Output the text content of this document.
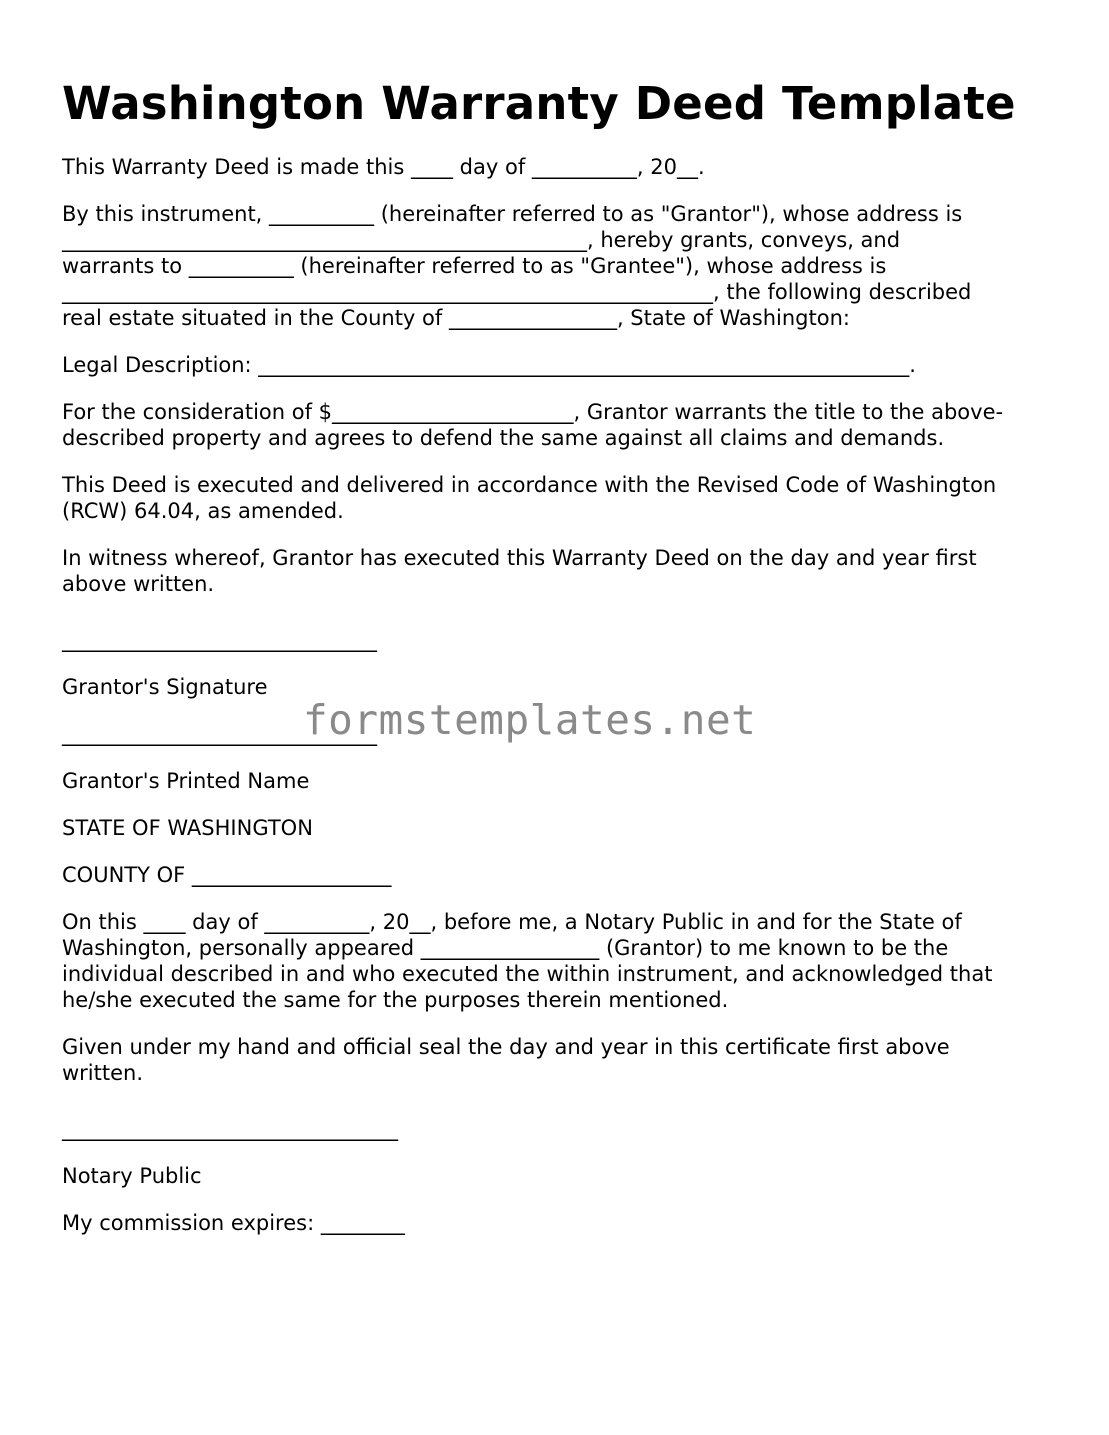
Washington Warranty Deed Template

This Warranty Deed is made this ____ day of __________, 20__.

By this instrument, __________ (hereinafter referred to as "Grantor"), whose address is
__________________________________________________, hereby grants, conveys, and
warrants to __________ (hereinafter referred to as "Grantee"), whose address is
______________________________________________________________, the following described
real estate situated in the County of ________________, State of Washington:

Legal Description: ______________________________________________________________.

For the consideration of $_______________________, Grantor warrants the title to the above-
described property and agrees to defend the same against all claims and demands.
This Deed is executed and delivered in accordance with the Revised Code of Washington
(RCW) 64.04, as amended.
In witness whereof, Grantor has executed this Warranty Deed on the day and year first
above written.
______________________________
Grantor's Signature
______________________________

Grantor's Printed Name

STATE OF WASHINGTON

COUNTY OF ___________________

On this ____ day of __________, 20__, before me, a Notary Public in and for the State of
Washington, personally appeared _________________ (Grantor) to me known to be the
individual described in and who executed the within instrument, and acknowledged that
he/she executed the same for the purposes therein mentioned.
Given under my hand and official seal the day and year in this certificate first above
written.
________________________________

Notary Public

My commission expires: ________

formstemplates.net
